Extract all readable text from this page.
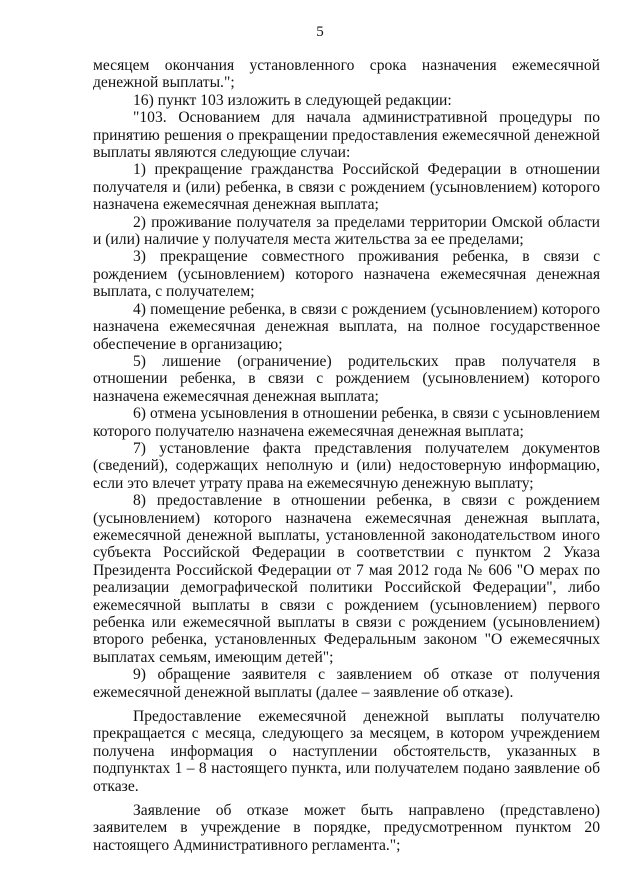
5

месяцем окончания установленного срока назначения ежемесячной денежной выплаты.";

16) пункт 103 изложить в следующей редакции:

"103. Основанием для начала административной процедуры по принятию решения о прекращении предоставления ежемесячной денежной выплаты являются следующие случаи:

1) прекращение гражданства Российской Федерации в отношении получателя и (или) ребенка, в связи с рождением (усыновлением) которого назначена ежемесячная денежная выплата;

2) проживание получателя за пределами территории Омской области и (или) наличие у получателя места жительства за ее пределами;

3) прекращение совместного проживания ребенка, в связи с рождением (усыновлением) которого назначена ежемесячная денежная выплата, с получателем;

4) помещение ребенка, в связи с рождением (усыновлением) которого назначена ежемесячная денежная выплата, на полное государственное обеспечение в организацию;

5) лишение (ограничение) родительских прав получателя в отношении ребенка, в связи с рождением (усыновлением) которого назначена ежемесячная денежная выплата;

6) отмена усыновления в отношении ребенка, в связи с усыновлением которого получателю назначена ежемесячная денежная выплата;

7) установление факта представления получателем документов (сведений), содержащих неполную и (или) недостоверную информацию, если это влечет утрату права на ежемесячную денежную выплату;

8) предоставление в отношении ребенка, в связи с рождением (усыновлением) которого назначена ежемесячная денежная выплата, ежемесячной денежной выплаты, установленной законодательством иного субъекта Российской Федерации в соответствии с пунктом 2 Указа Президента Российской Федерации от 7 мая 2012 года № 606 "О мерах по реализации демографической политики Российской Федерации", либо ежемесячной выплаты в связи с рождением (усыновлением) первого ребенка или ежемесячной выплаты в связи с рождением (усыновлением) второго ребенка, установленных Федеральным законом "О ежемесячных выплатах семьям, имеющим детей";

9) обращение заявителя с заявлением об отказе от получения ежемесячной денежной выплаты (далее – заявление об отказе).

Предоставление ежемесячной денежной выплаты получателю прекращается с месяца, следующего за месяцем, в котором учреждением получена информация о наступлении обстоятельств, указанных в подпунктах 1 – 8 настоящего пункта, или получателем подано заявление об отказе.

Заявление об отказе может быть направлено (представлено) заявителем в учреждение в порядке, предусмотренном пунктом 20 настоящего Административного регламента.";
